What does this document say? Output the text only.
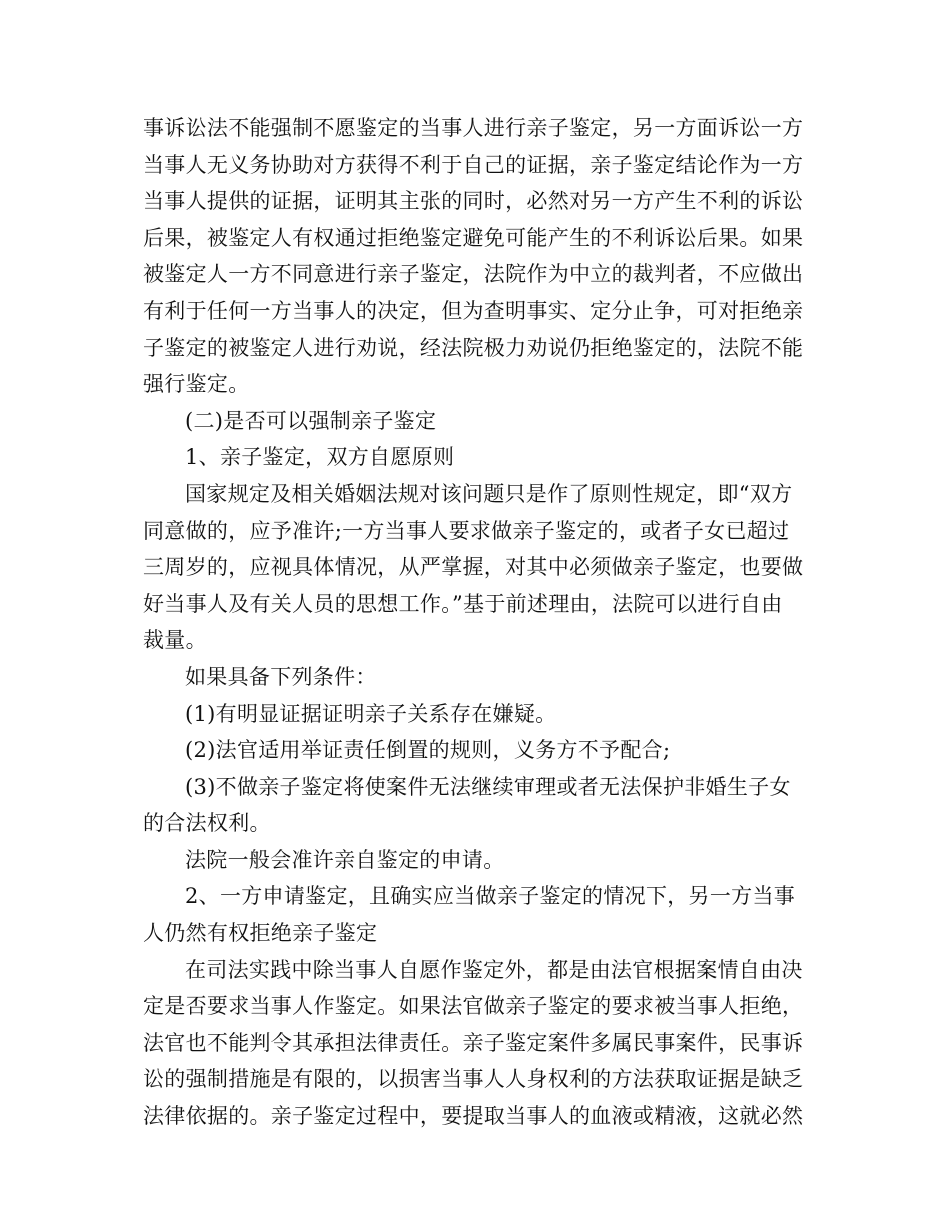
事诉讼法不能强制不愿鉴定的当事人进行亲子鉴定，另一方面诉讼一方
当事人无义务协助对方获得不利于自己的证据，亲子鉴定结论作为一方
当事人提供的证据，证明其主张的同时，必然对另一方产生不利的诉讼
后果，被鉴定人有权通过拒绝鉴定避免可能产生的不利诉讼后果。如果
被鉴定人一方不同意进行亲子鉴定，法院作为中立的裁判者，不应做出
有利于任何一方当事人的决定，但为查明事实、定分止争，可对拒绝亲
子鉴定的被鉴定人进行劝说，经法院极力劝说仍拒绝鉴定的，法院不能
强行鉴定。
(二)是否可以强制亲子鉴定
1、亲子鉴定，双方自愿原则
国家规定及相关婚姻法规对该问题只是作了原则性规定，即“双方
同意做的，应予准许;一方当事人要求做亲子鉴定的，或者子女已超过
三周岁的，应视具体情况，从严掌握，对其中必须做亲子鉴定，也要做
好当事人及有关人员的思想工作。”基于前述理由，法院可以进行自由
裁量。
如果具备下列条件：
(1)有明显证据证明亲子关系存在嫌疑。
(2)法官适用举证责任倒置的规则，义务方不予配合;
(3)不做亲子鉴定将使案件无法继续审理或者无法保护非婚生子女
的合法权利。
法院一般会准许亲自鉴定的申请。
2、一方申请鉴定，且确实应当做亲子鉴定的情况下，另一方当事
人仍然有权拒绝亲子鉴定
在司法实践中除当事人自愿作鉴定外，都是由法官根据案情自由决
定是否要求当事人作鉴定。如果法官做亲子鉴定的要求被当事人拒绝，
法官也不能判令其承担法律责任。亲子鉴定案件多属民事案件，民事诉
讼的强制措施是有限的，以损害当事人人身权利的方法获取证据是缺乏
法律依据的。亲子鉴定过程中，要提取当事人的血液或精液，这就必然
